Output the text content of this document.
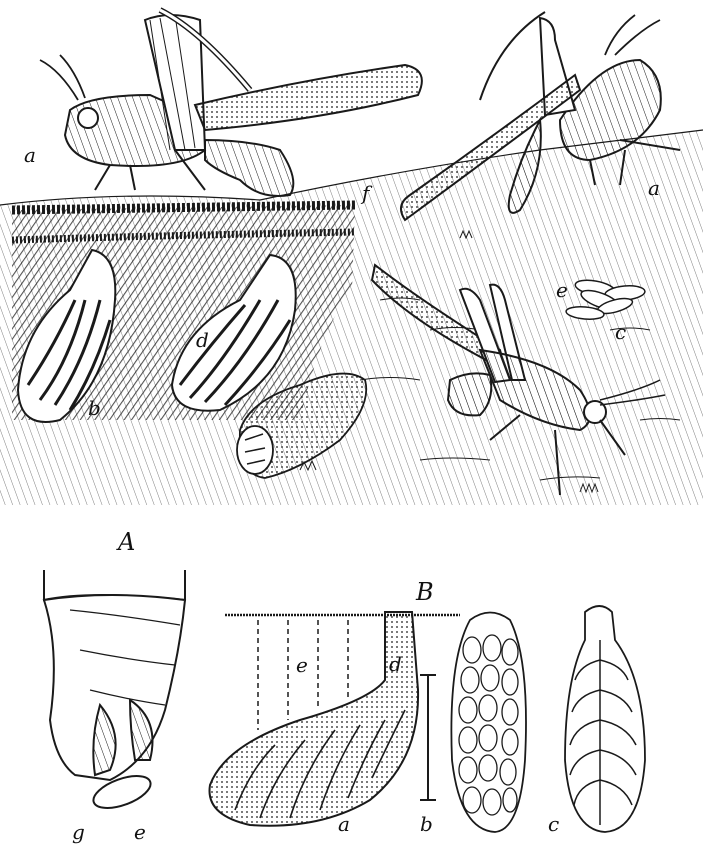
a
a
f
e
c
b
d
A
B
e	d
a	b	c
g e
